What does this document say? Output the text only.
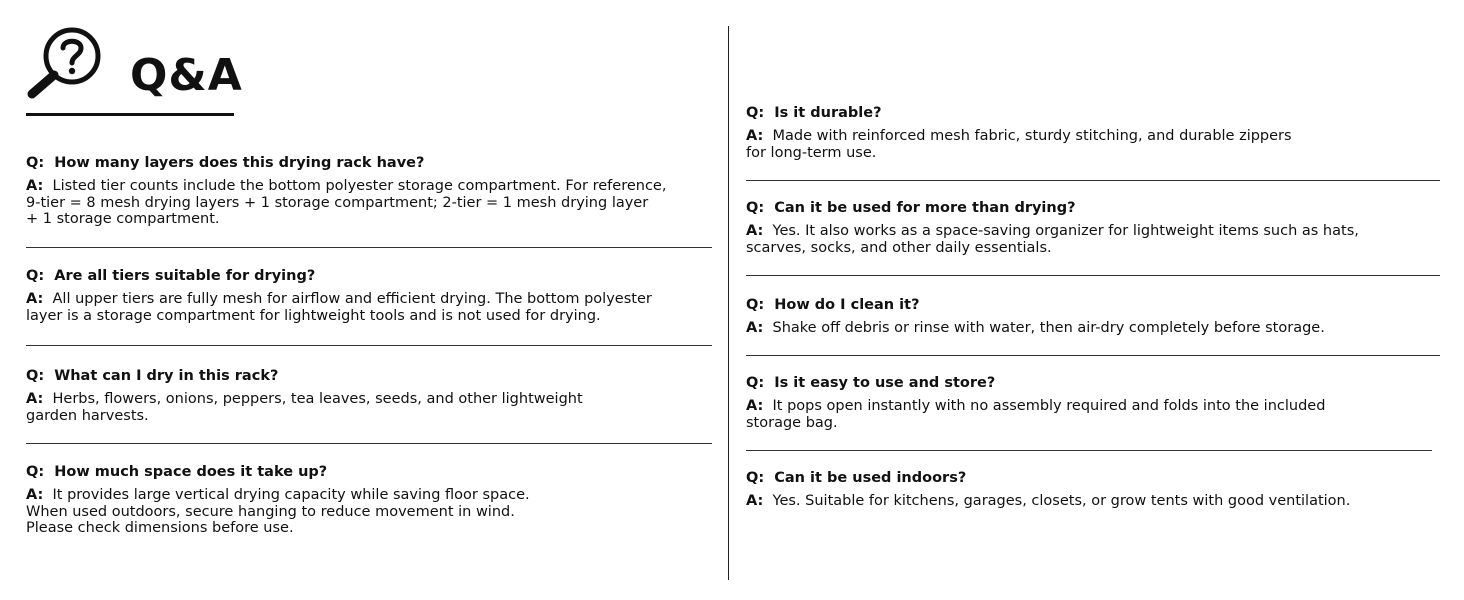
Q&A
Q: How many layers does this drying rack have?
A: Listed tier counts include the bottom polyester storage compartment. For reference,
9-tier = 8 mesh drying layers + 1 storage compartment; 2-tier = 1 mesh drying layer
+ 1 storage compartment.
Q: Are all tiers suitable for drying?
A: All upper tiers are fully mesh for airflow and efficient drying. The bottom polyester
layer is a storage compartment for lightweight tools and is not used for drying.
Q: What can I dry in this rack?
A: Herbs, flowers, onions, peppers, tea leaves, seeds, and other lightweight
garden harvests.
Q: How much space does it take up?
A: It provides large vertical drying capacity while saving floor space.
When used outdoors, secure hanging to reduce movement in wind.
Please check dimensions before use.
Q: Is it durable?
A: Made with reinforced mesh fabric, sturdy stitching, and durable zippers
for long-term use.
Q: Can it be used for more than drying?
A: Yes. It also works as a space-saving organizer for lightweight items such as hats,
scarves, socks, and other daily essentials.
Q: How do I clean it?
A: Shake off debris or rinse with water, then air-dry completely before storage.
Q: Is it easy to use and store?
A: It pops open instantly with no assembly required and folds into the included
storage bag.
Q: Can it be used indoors?
A: Yes. Suitable for kitchens, garages, closets, or grow tents with good ventilation.
